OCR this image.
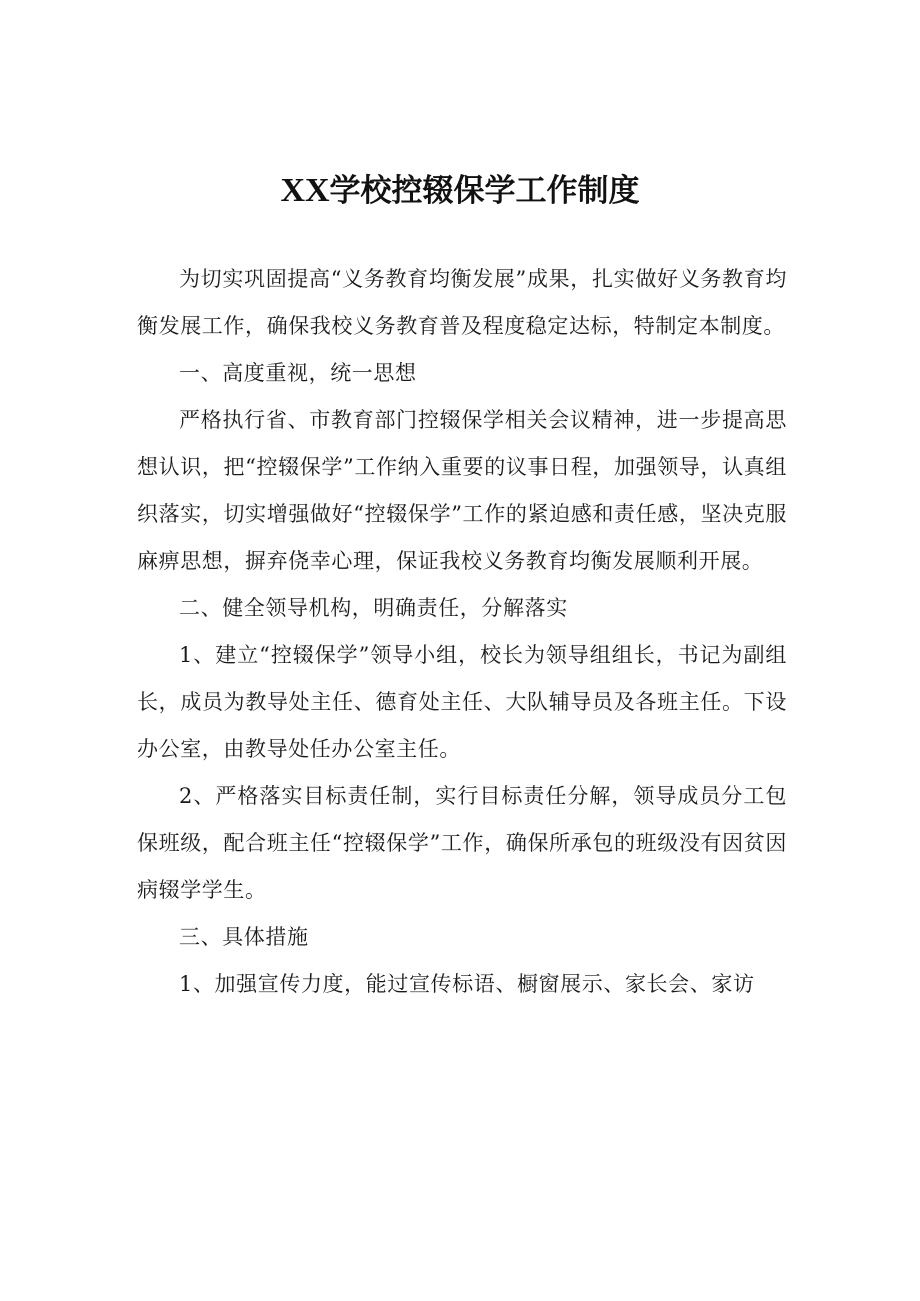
XX学校控辍保学工作制度

为切实巩固提高“义务教育均衡发展”成果，扎实做好义务教育均衡发展工作，确保我校义务教育普及程度稳定达标，特制定本制度。

一、高度重视，统一思想

严格执行省、市教育部门控辍保学相关会议精神，进一步提高思想认识，把“控辍保学”工作纳入重要的议事日程，加强领导，认真组织落实，切实增强做好“控辍保学”工作的紧迫感和责任感，坚决克服麻痹思想，摒弃侥幸心理，保证我校义务教育均衡发展顺利开展。

二、健全领导机构，明确责任，分解落实

1、建立“控辍保学”领导小组，校长为领导组组长，书记为副组长，成员为教导处主任、德育处主任、大队辅导员及各班主任。下设办公室，由教导处任办公室主任。

2、严格落实目标责任制，实行目标责任分解，领导成员分工包保班级，配合班主任“控辍保学”工作，确保所承包的班级没有因贫因病辍学学生。

三、具体措施

1、加强宣传力度，能过宣传标语、橱窗展示、家长会、家访
